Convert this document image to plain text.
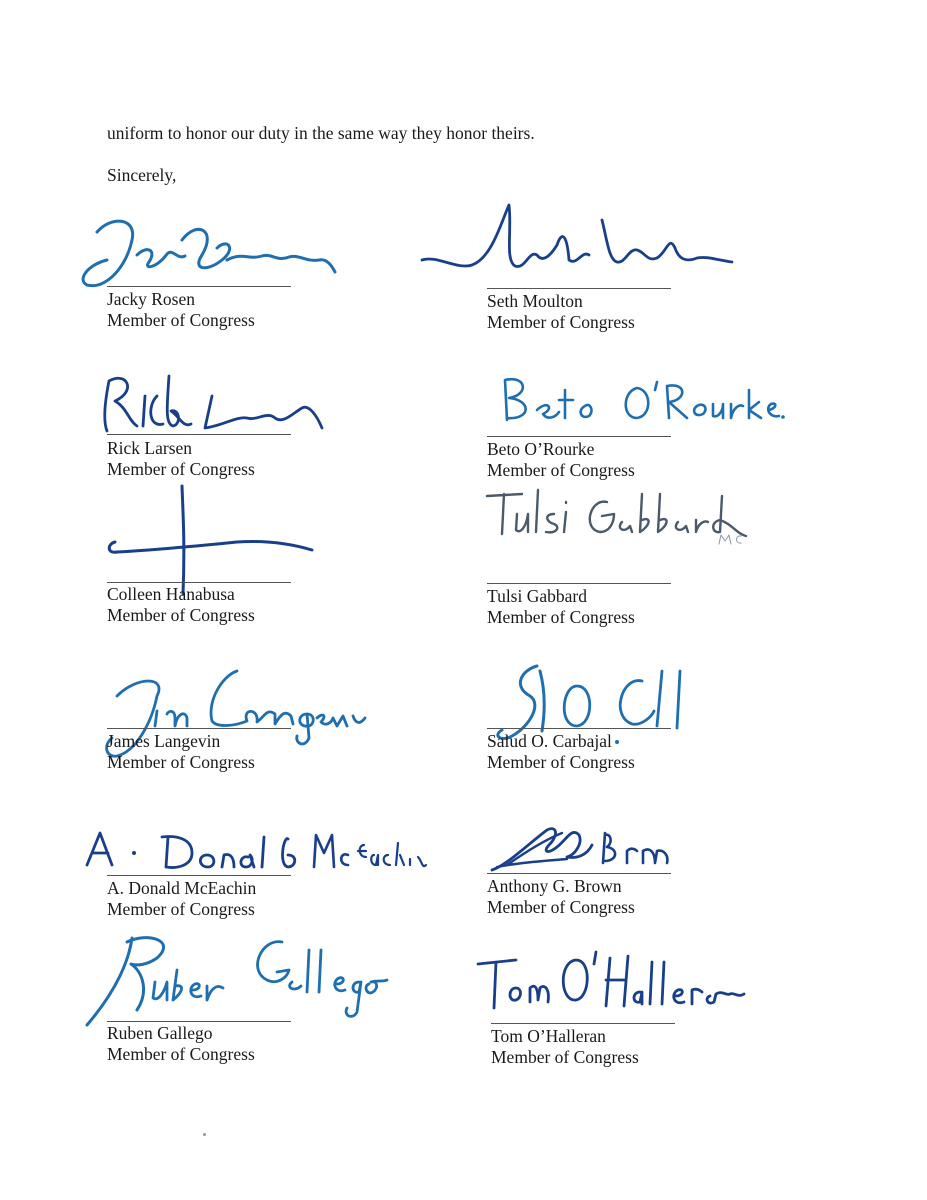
uniform to honor our duty in the same way they honor theirs.
Sincerely,
Jacky Rosen
Member of Congress
Seth Moulton
Member of Congress
Rick Larsen
Member of Congress
Beto O’Rourke
Member of Congress
Colleen Hanabusa
Member of Congress
Tulsi Gabbard
Member of Congress
James Langevin
Member of Congress
Salud O. Carbajal
Member of Congress
A. Donald McEachin
Member of Congress
Anthony G. Brown
Member of Congress
Ruben Gallego
Member of Congress
Tom O’Halleran
Member of Congress
